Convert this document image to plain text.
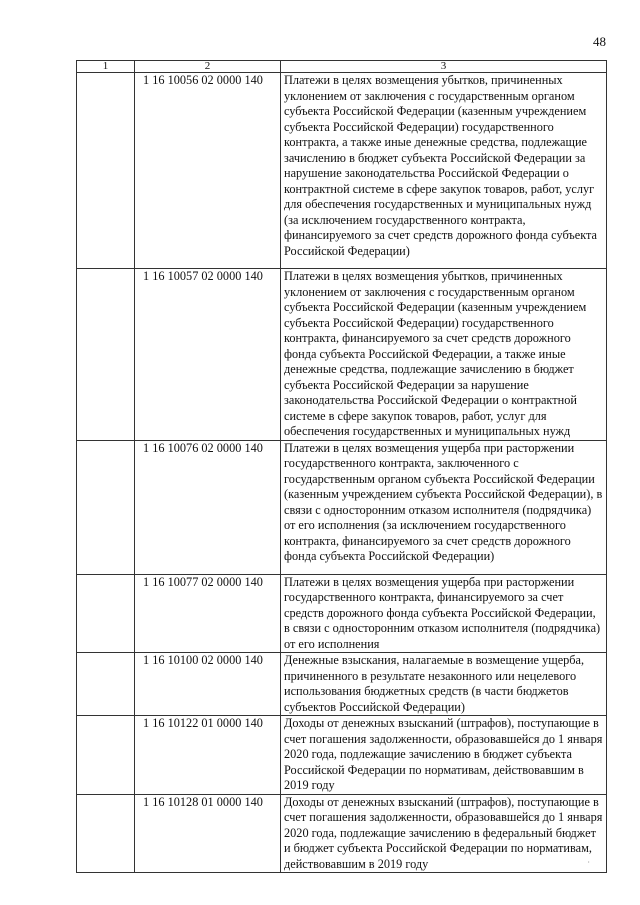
48
1	2	3
	1 16 10056 02 0000 140	Платежи в целях возмещения убытков, причиненных уклонением от заключения с государственным органом субъекта Российской Федерации (казенным учреждением субъекта Российской Федерации) государственного контракта, а также иные денежные средства, подлежащие зачислению в бюджет субъекта Российской Федерации за нарушение законодательства Российской Федерации о контрактной системе в сфере закупок товаров, работ, услуг для обеспечения государственных и муниципальных нужд (за исключением государственного контракта, финансируемого за счет средств дорожного фонда субъекта Российской Федерации)
	1 16 10057 02 0000 140	Платежи в целях возмещения убытков, причиненных уклонением от заключения с государственным органом субъекта Российской Федерации (казенным учреждением субъекта Российской Федерации) государственного контракта, финансируемого за счет средств дорожного фонда субъекта Российской Федерации, а также иные денежные средства, подлежащие зачислению в бюджет субъекта Российской Федерации за нарушение законодательства Российской Федерации о контрактной системе в сфере закупок товаров, работ, услуг для обеспечения государственных и муниципальных нужд
	1 16 10076 02 0000 140	Платежи в целях возмещения ущерба при расторжении государственного контракта, заключенного с государственным органом субъекта Российской Федерации (казенным учреждением субъекта Российской Федерации), в связи с односторонним отказом исполнителя (подрядчика) от его исполнения (за исключением государственного контракта, финансируемого за счет средств дорожного фонда субъекта Российской Федерации)
	1 16 10077 02 0000 140	Платежи в целях возмещения ущерба при расторжении государственного контракта, финансируемого за счет средств дорожного фонда субъекта Российской Федерации, в связи с односторонним отказом исполнителя (подрядчика) от его исполнения
	1 16 10100 02 0000 140	Денежные взыскания, налагаемые в возмещение ущерба, причиненного в результате незаконного или нецелевого использования бюджетных средств (в части бюджетов субъектов Российской Федерации)
	1 16 10122 01 0000 140	Доходы от денежных взысканий (штрафов), поступающие в счет погашения задолженности, образовавшейся до 1 января 2020 года, подлежащие зачислению в бюджет субъекта Российской Федерации по нормативам, действовавшим в 2019 году
	1 16 10128 01 0000 140	Доходы от денежных взысканий (штрафов), поступающие в счет погашения задолженности, образовавшейся до 1 января 2020 года, подлежащие зачислению в федеральный бюджет и бюджет субъекта Российской Федерации по нормативам, действовавшим в 2019 году	·
